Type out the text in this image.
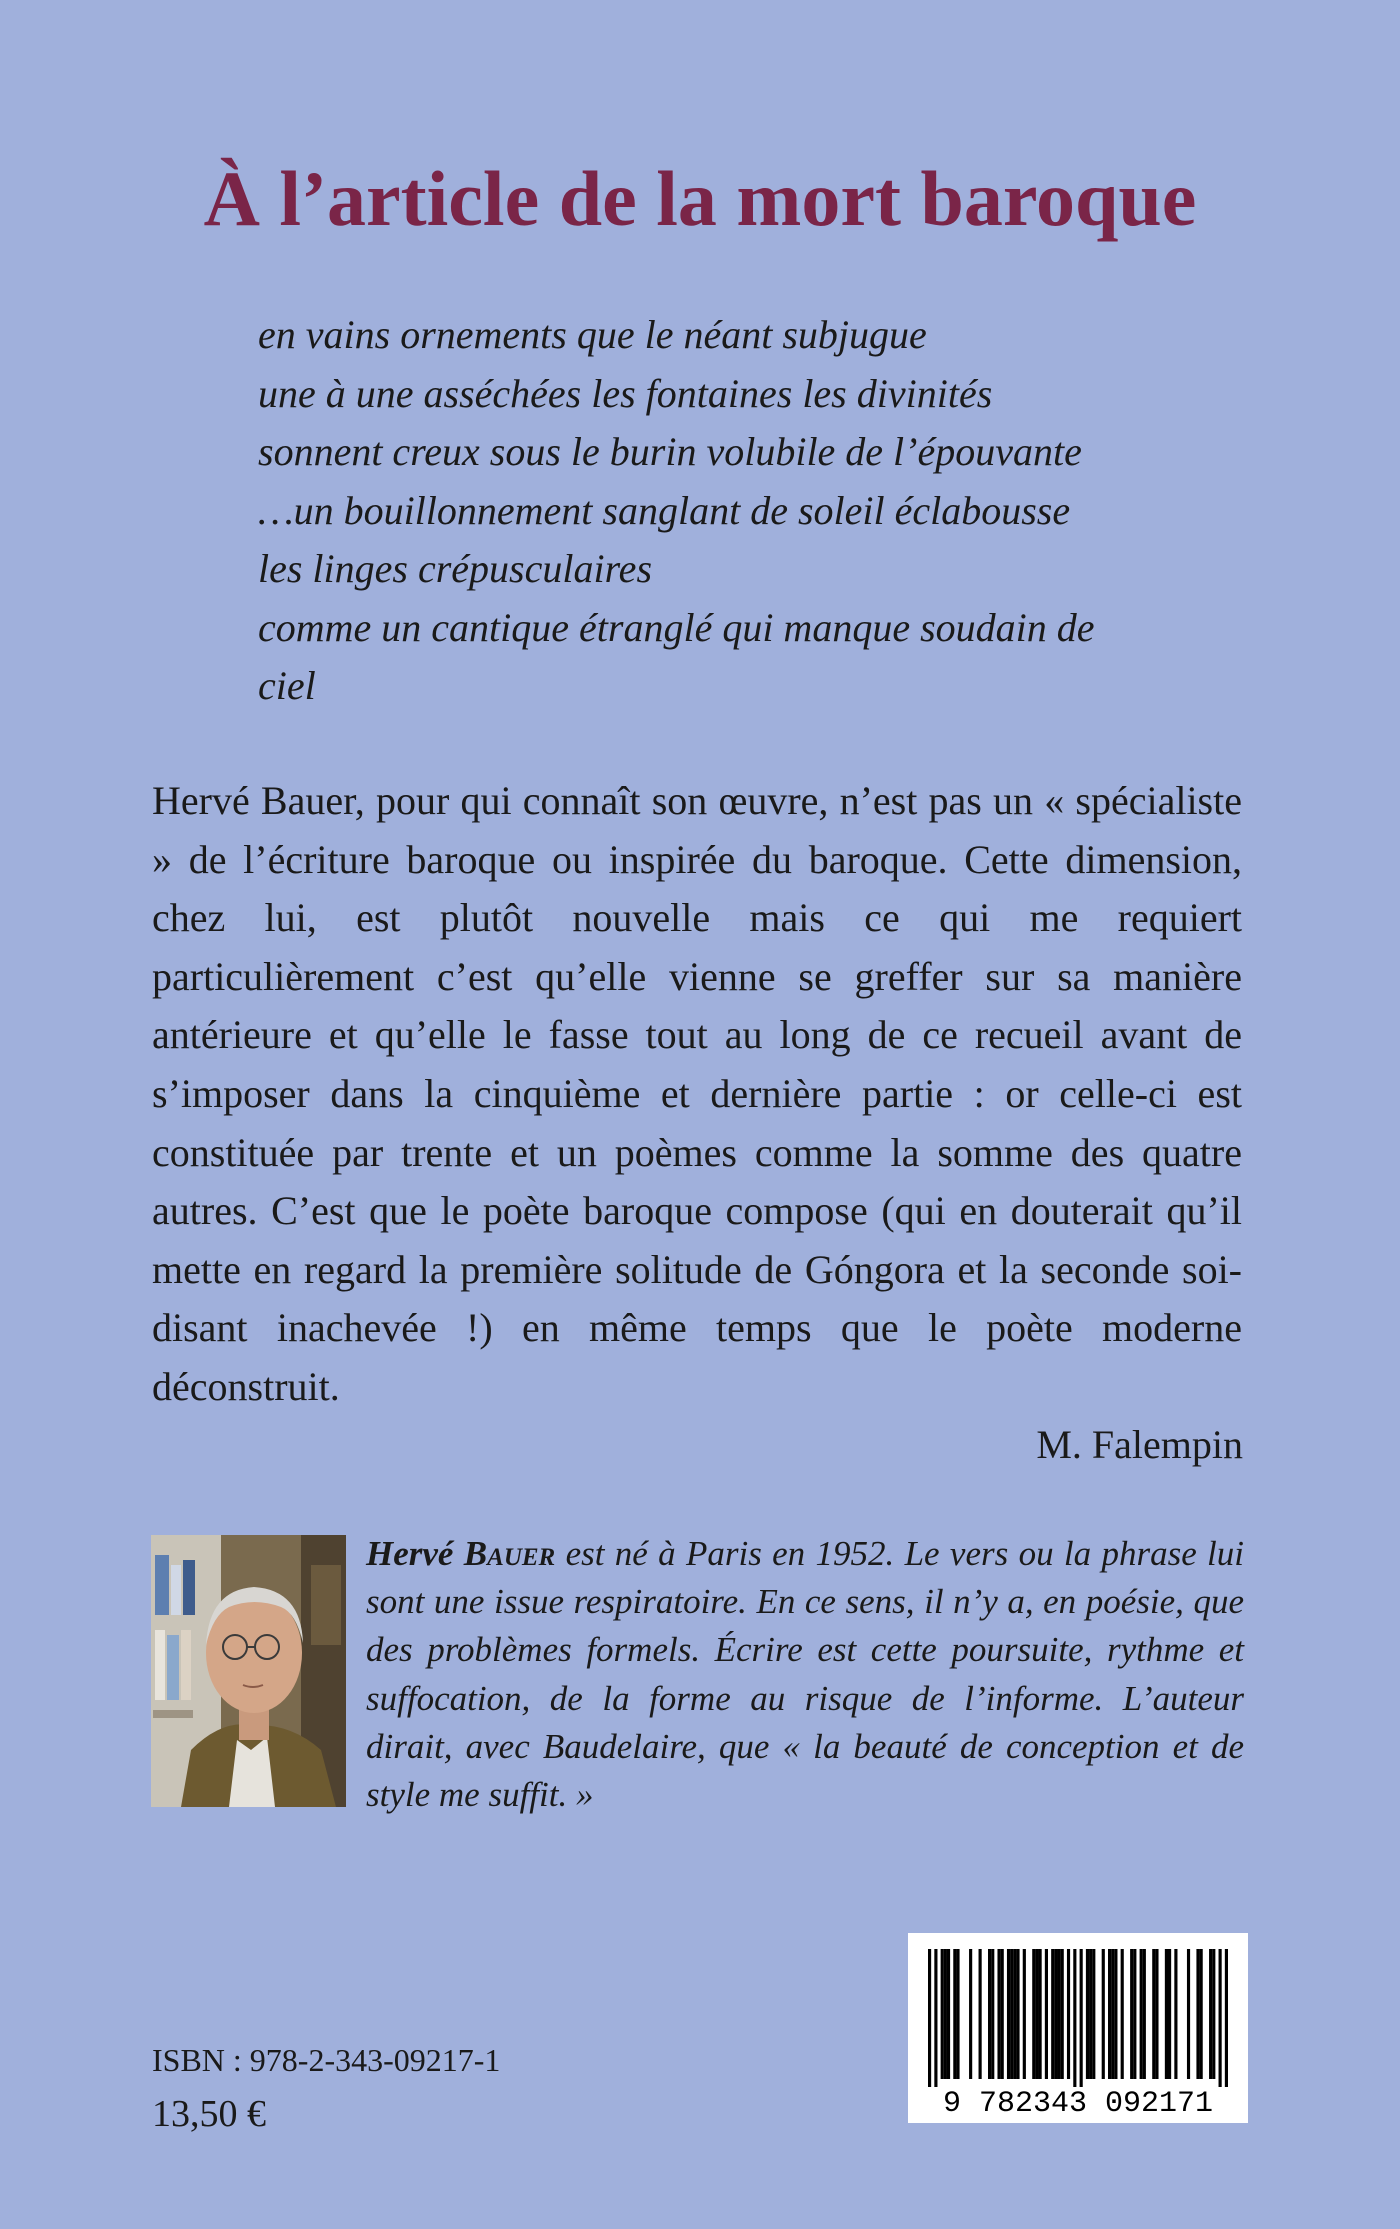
À l’article de la mort baroque
en vains ornements que le néant subjugue
une à une asséchées les fontaines les divinités
sonnent creux sous le burin volubile de l’épouvante
…un bouillonnement sanglant de soleil éclabousse
les linges crépusculaires
comme un cantique étranglé qui manque soudain de
ciel
Hervé Bauer, pour qui connaît son œuvre, n’est pas un « spécialiste » de l’écriture baroque ou inspirée du baroque. Cette dimension, chez lui, est plutôt nouvelle mais ce qui me requiert particulièrement c’est qu’elle vienne se greffer sur sa manière antérieure et qu’elle le fasse tout au long de ce recueil avant de s’imposer dans la cinquième et dernière partie : or celle-ci est constituée par trente et un poèmes comme la somme des quatre autres. C’est que le poète baroque compose (qui en douterait qu’il mette en regard la première solitude de Góngora et la seconde soi-disant inachevée !) en même temps que le poète moderne déconstruit.
M. Falempin
Hervé Bauer est né à Paris en 1952. Le vers ou la phrase lui sont une issue respiratoire. En ce sens, il n’y a, en poésie, que des problèmes formels. Écrire est cette poursuite, rythme et suffocation, de la forme au risque de l’informe. L’auteur dirait, avec Baudelaire, que « la beauté de conception et de style me suffit. »
ISBN : 978-2-343-09217-1
13,50 €	9 782343 092171
